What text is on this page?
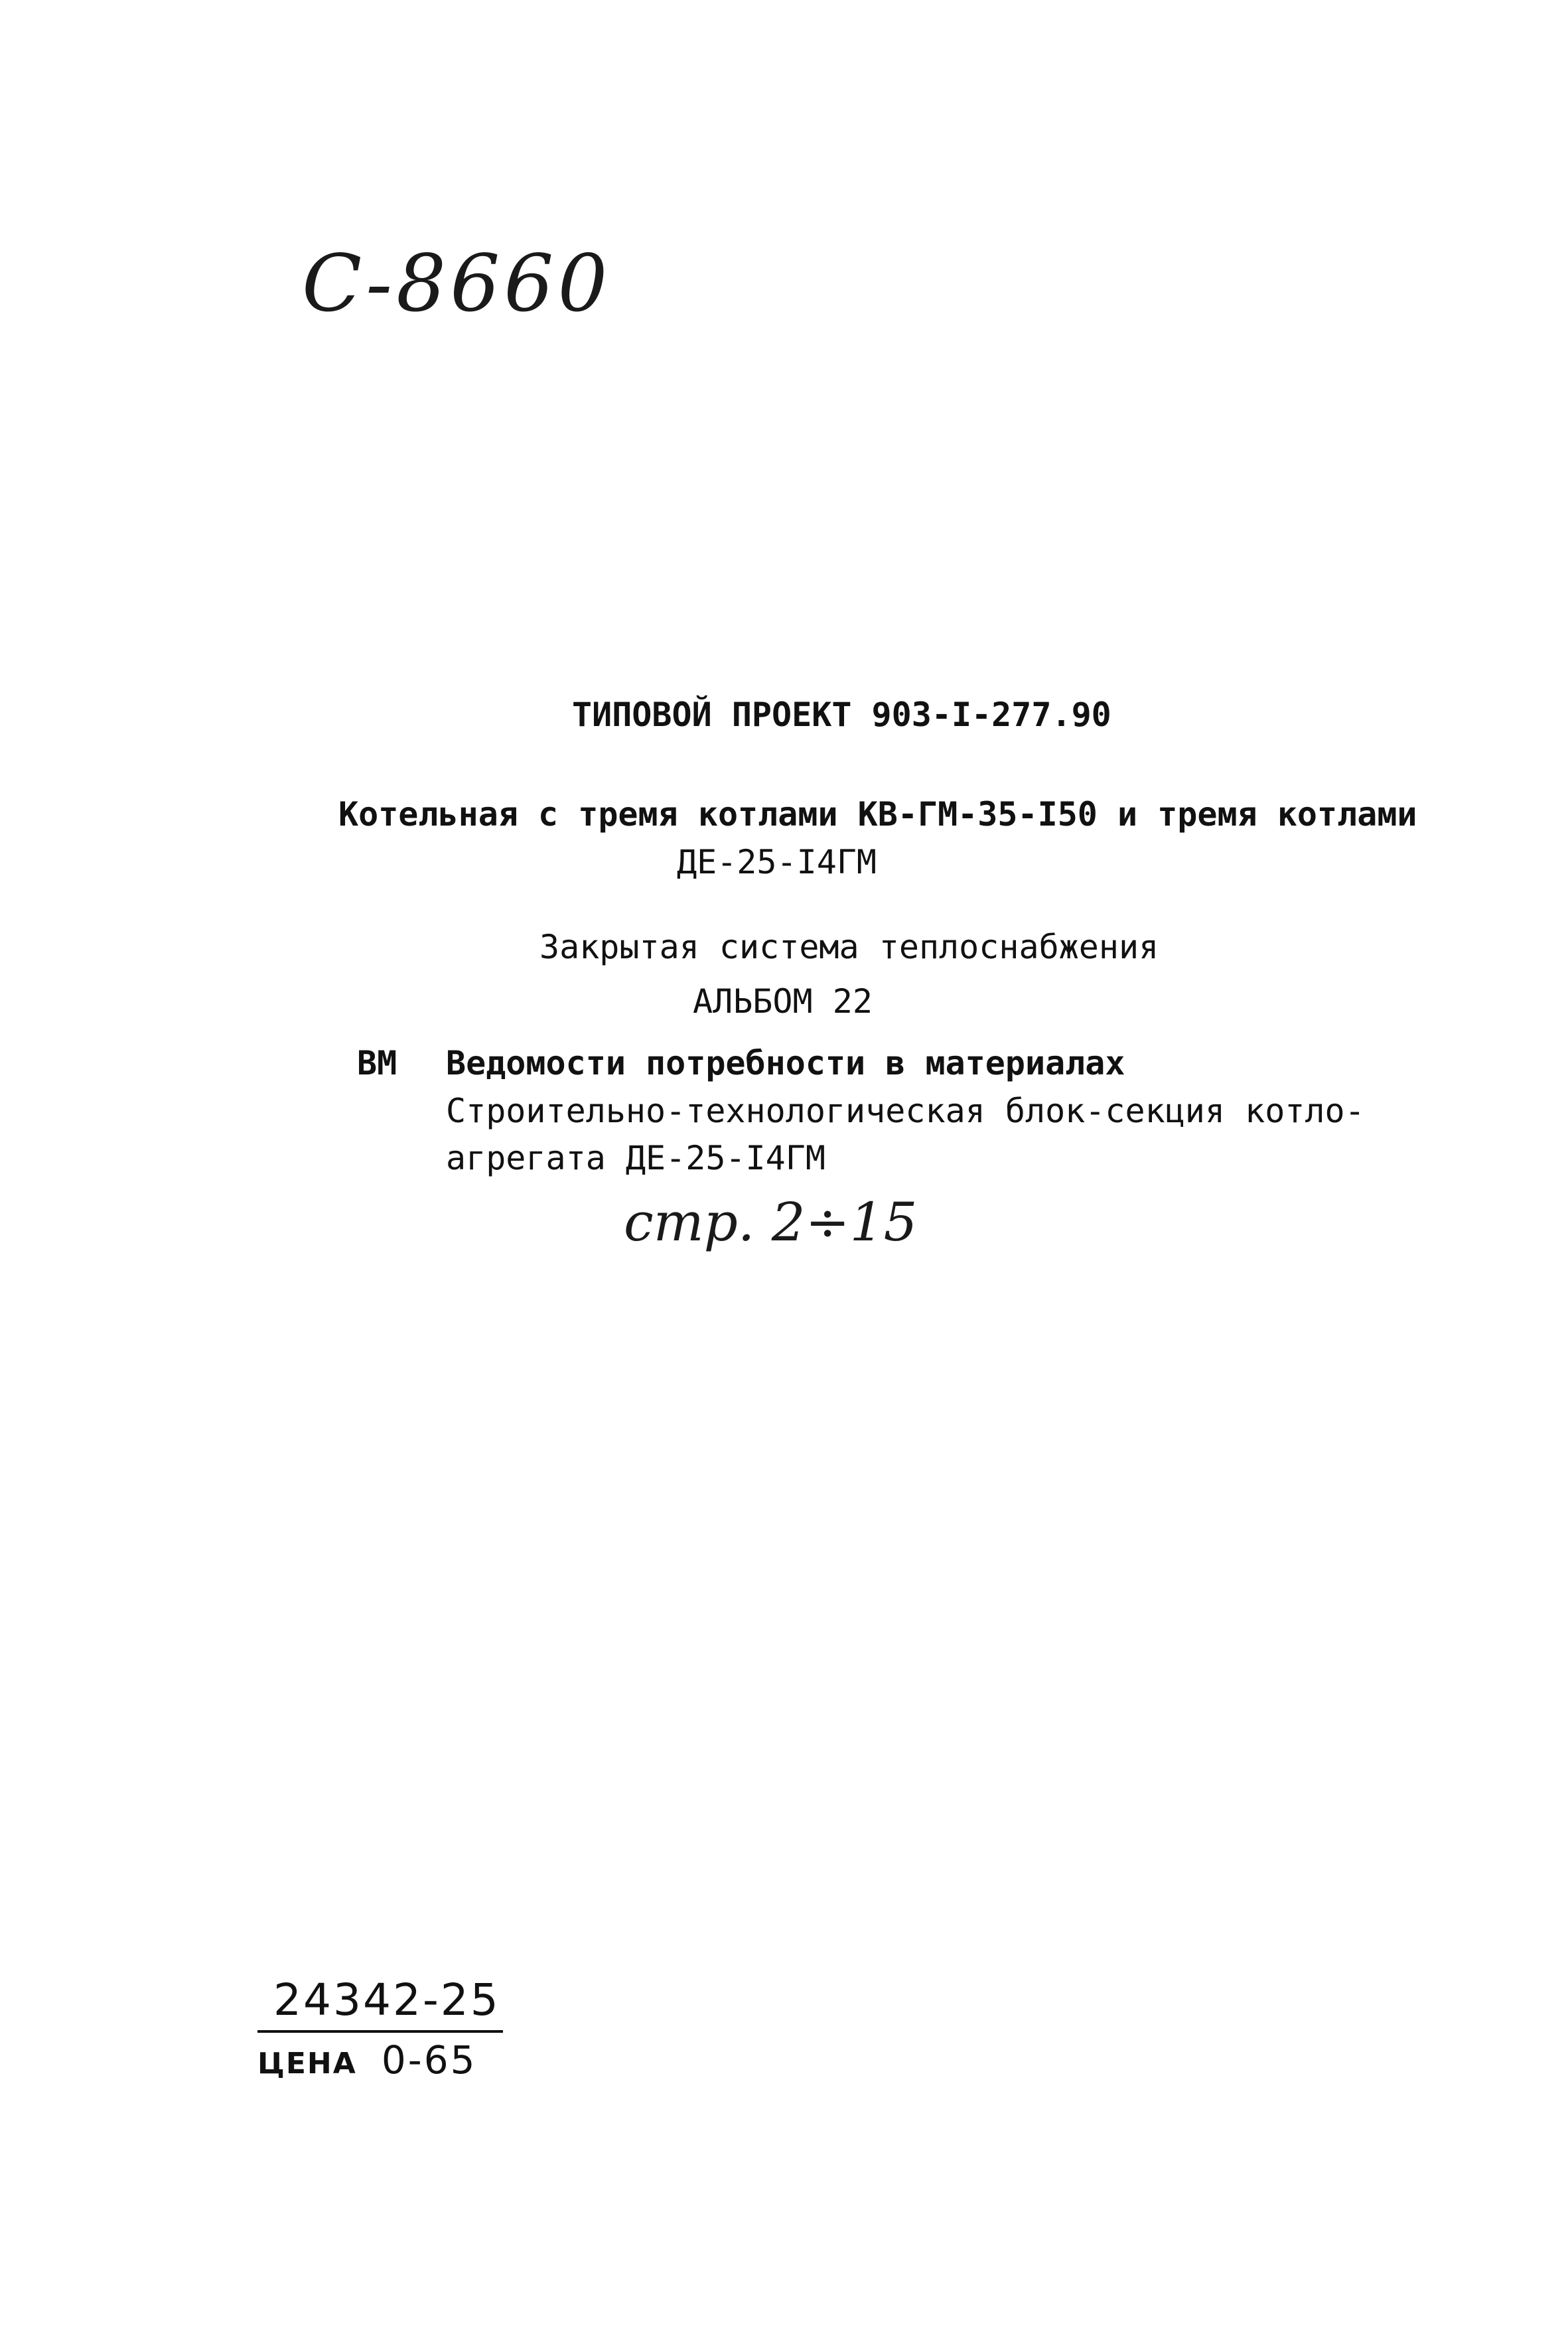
С-8660
ТИПОВОЙ ПРОЕКТ 903-I-277.90
Котельная с тремя котлами КВ-ГМ-35-I50 и тремя котлами
ДЕ-25-I4ГМ
Закрытая система теплоснабжения
АЛЬБОМ 22
ВМ Ведомости потребности в материалах
Строительно-технологическая блок-секция котло-
агрегата ДЕ-25-I4ГМ
стр. 2÷15
24342-25
ЦЕНА 0-65
